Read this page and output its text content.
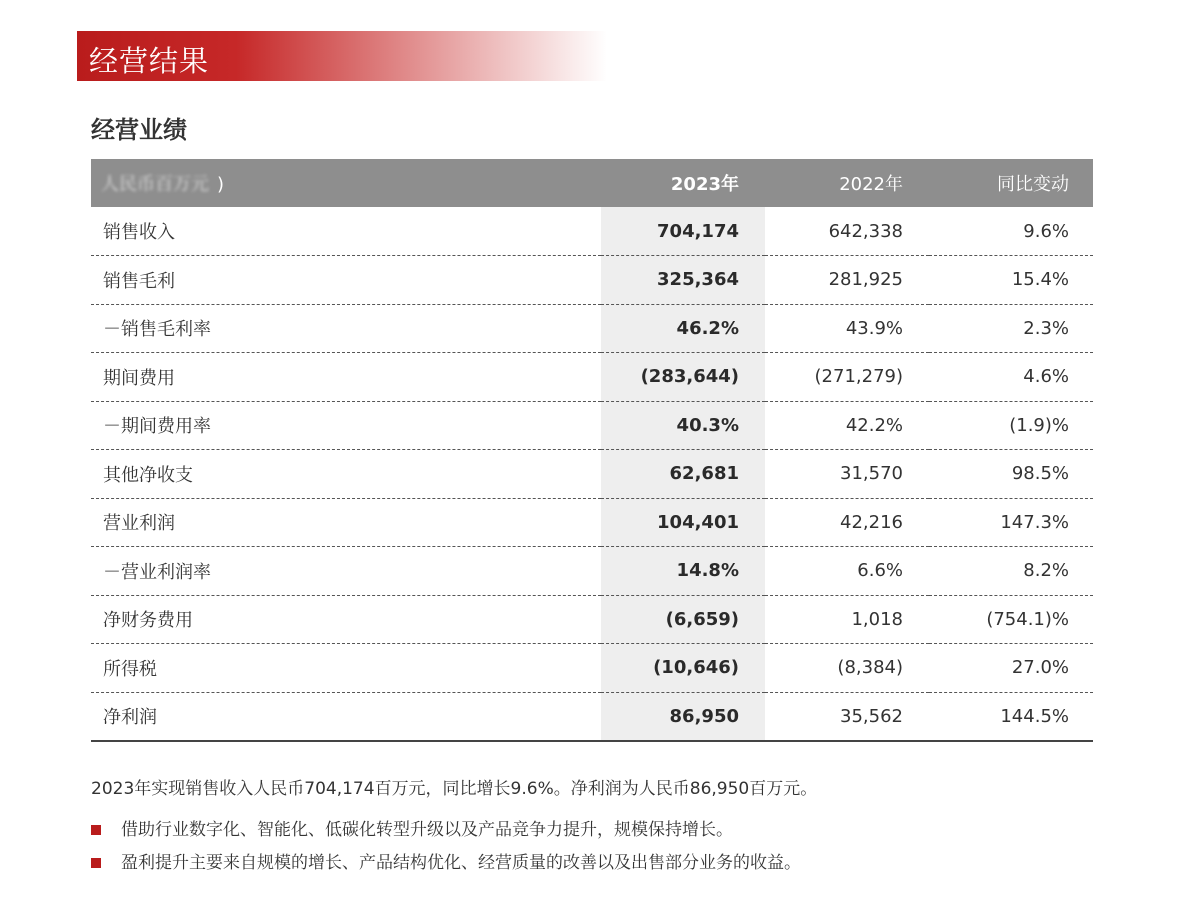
经营结果
经营业绩
人民币百万元 )	2023年	2022年	同比变动
销售收入	704,174	642,338	9.6%
销售毛利	325,364	281,925	15.4%
－销售毛利率	46.2%	43.9%	2.3%
期间费用	(283,644)	(271,279)	4.6%
－期间费用率	40.3%	42.2%	(1.9)%
其他净收支	62,681	31,570	98.5%
营业利润	104,401	42,216	147.3%
－营业利润率	14.8%	6.6%	8.2%
净财务费用	(6,659)	1,018	(754.1)%
所得税	(10,646)	(8,384)	27.0%
净利润	86,950	35,562	144.5%
2023年实现销售收入人民币704,174百万元，同比增长9.6%。净利润为人民币86,950百万元。
借助行业数字化、智能化、低碳化转型升级以及产品竞争力提升，规模保持增长。
盈利提升主要来自规模的增长、产品结构优化、经营质量的改善以及出售部分业务的收益。
